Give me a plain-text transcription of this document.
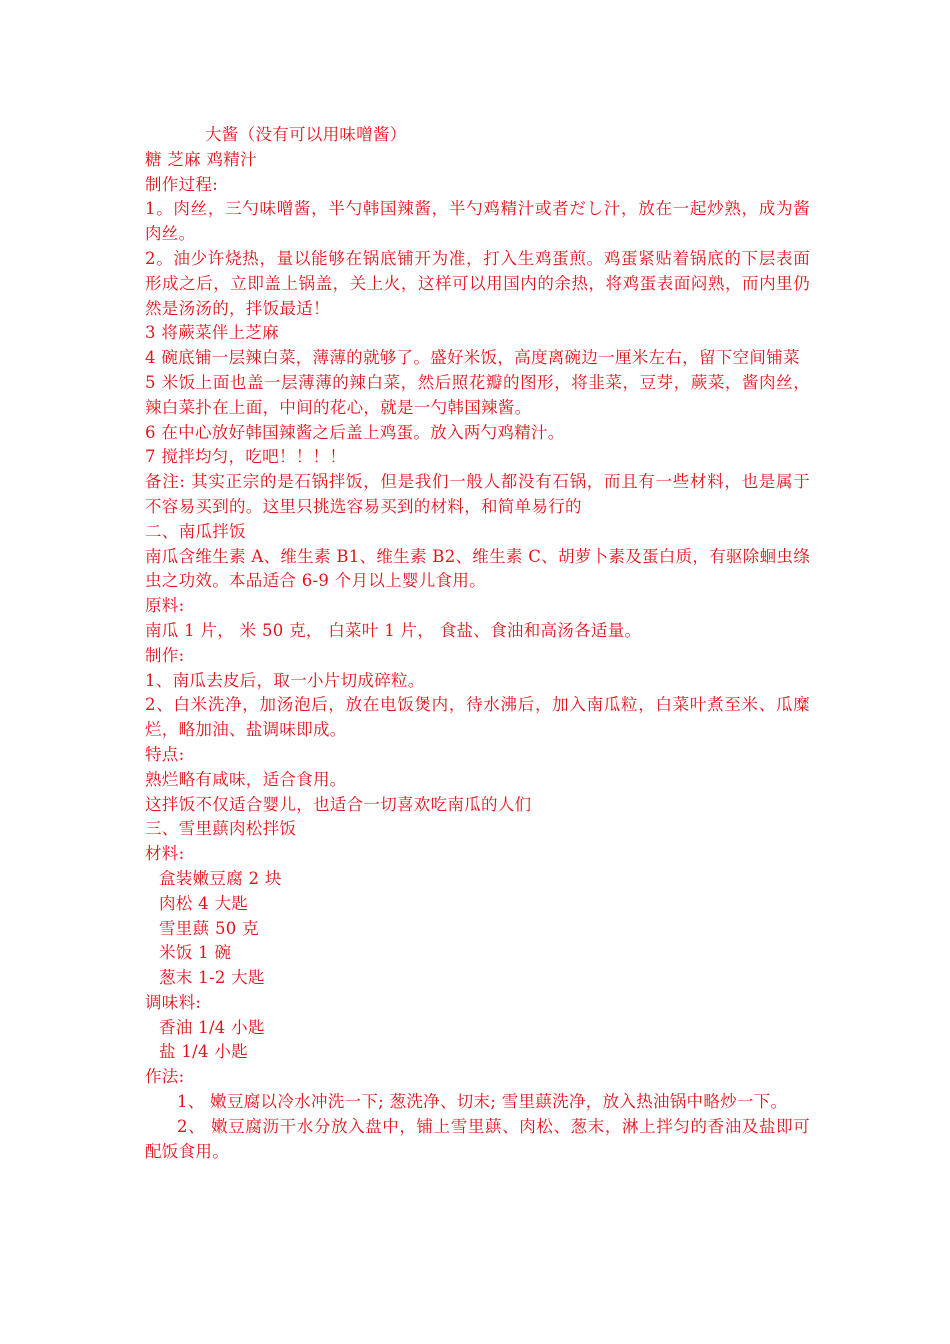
大酱（没有可以用味噌酱）

糖 芝麻 鸡精汁

制作过程:

1。肉丝，三勺味噌酱，半勺韩国辣酱，半勺鸡精汁或者だし汁，放在一起炒熟，成为酱肉丝。

2。油少许烧热，量以能够在锅底铺开为准，打入生鸡蛋煎。鸡蛋紧贴着锅底的下层表面形成之后，立即盖上锅盖，关上火，这样可以用国内的余热，将鸡蛋表面闷熟，而内里仍然是汤汤的，拌饭最适！

3 将蕨菜伴上芝麻

4 碗底铺一层辣白菜，薄薄的就够了。盛好米饭，高度离碗边一厘米左右，留下空间铺菜

5 米饭上面也盖一层薄薄的辣白菜，然后照花瓣的图形，将韭菜，豆芽，蕨菜，酱肉丝，辣白菜扑在上面，中间的花心，就是一勺韩国辣酱。

6 在中心放好韩国辣酱之后盖上鸡蛋。放入两勺鸡精汁。

7 搅拌均匀，吃吧！！！！

备注: 其实正宗的是石锅拌饭，但是我们一般人都没有石锅，而且有一些材料，也是属于不容易买到的。这里只挑选容易买到的材料，和简单易行的

二、南瓜拌饭

南瓜含维生素 A、维生素 B1、维生素 B2、维生素 C、胡萝卜素及蛋白质，有驱除蛔虫绦虫之功效。本品适合 6-9 个月以上婴儿食用。

原料:

南瓜 1 片， 米 50 克， 白菜叶 1 片， 食盐、食油和高汤各适量。

制作:

1、南瓜去皮后，取一小片切成碎粒。

2、白米洗净，加汤泡后，放在电饭煲内，待水沸后，加入南瓜粒，白菜叶煮至米、瓜糜烂，略加油、盐调味即成。

特点:

熟烂略有咸味，适合食用。

这拌饭不仅适合婴儿，也适合一切喜欢吃南瓜的人们

三、雪里蕻肉松拌饭

材料:

盒装嫩豆腐 2 块

肉松 4 大匙

雪里蕻 50 克

米饭 1 碗

葱末 1-2 大匙

调味料:

香油 1/4 小匙

盐 1/4 小匙

作法:

1、 嫩豆腐以冷水冲洗一下; 葱洗净、切末; 雪里蕻洗净，放入热油锅中略炒一下。

2、 嫩豆腐沥干水分放入盘中，铺上雪里蕻、肉松、葱末，淋上拌匀的香油及盐即可配饭食用。
